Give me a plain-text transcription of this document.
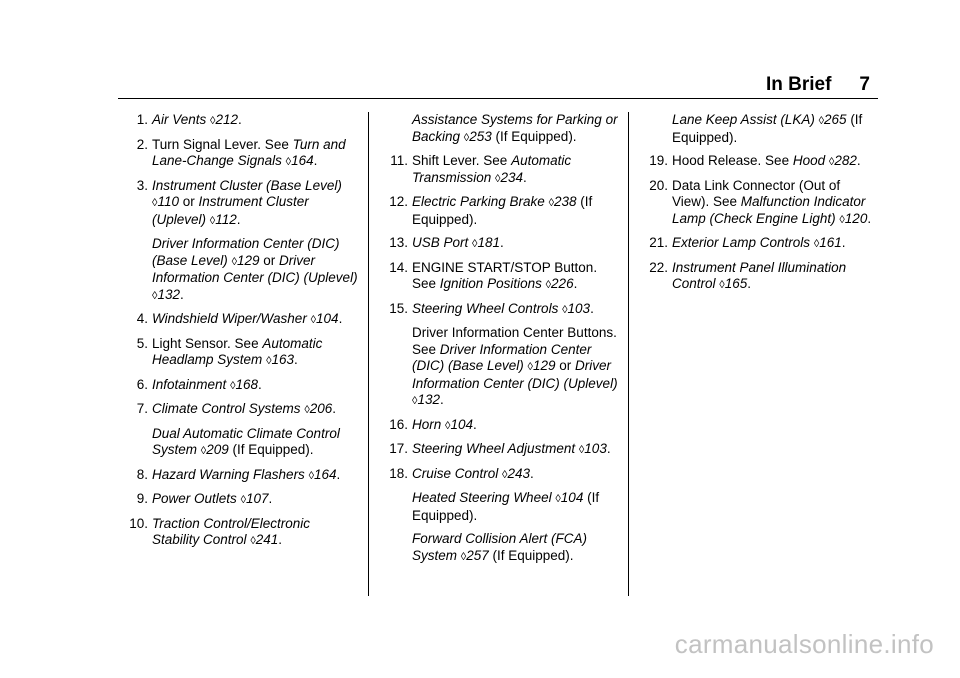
In Brief 7
1. Air Vents ◊ 212.
2. Turn Signal Lever. See Turn and Lane-Change Signals ◊ 164.
3. Instrument Cluster (Base Level) ◊ 110 or Instrument Cluster (Uplevel) ◊ 112.
Driver Information Center (DIC) (Base Level) ◊ 129 or Driver Information Center (DIC) (Uplevel) ◊ 132.
4. Windshield Wiper/Washer ◊ 104.
5. Light Sensor. See Automatic Headlamp System ◊ 163.
6. Infotainment ◊ 168.
7. Climate Control Systems ◊ 206.
Dual Automatic Climate Control System ◊ 209 (If Equipped).
8. Hazard Warning Flashers ◊ 164.
9. Power Outlets ◊ 107.
10. Traction Control/Electronic Stability Control ◊ 241.
Assistance Systems for Parking or Backing ◊ 253 (If Equipped).
11. Shift Lever. See Automatic Transmission ◊ 234.
12. Electric Parking Brake ◊ 238 (If Equipped).
13. USB Port ◊ 181.
14. ENGINE START/STOP Button. See Ignition Positions ◊ 226.
15. Steering Wheel Controls ◊ 103.
Driver Information Center Buttons. See Driver Information Center (DIC) (Base Level) ◊ 129 or Driver Information Center (DIC) (Uplevel) ◊ 132.
16. Horn ◊ 104.
17. Steering Wheel Adjustment ◊ 103.
18. Cruise Control ◊ 243.
Heated Steering Wheel ◊ 104 (If Equipped).
Forward Collision Alert (FCA) System ◊ 257 (If Equipped).
Lane Keep Assist (LKA) ◊ 265 (If Equipped).
19. Hood Release. See Hood ◊ 282.
20. Data Link Connector (Out of View). See Malfunction Indicator Lamp (Check Engine Light) ◊ 120.
21. Exterior Lamp Controls ◊ 161.
22. Instrument Panel Illumination Control ◊ 165.
carmanualsonline.info
